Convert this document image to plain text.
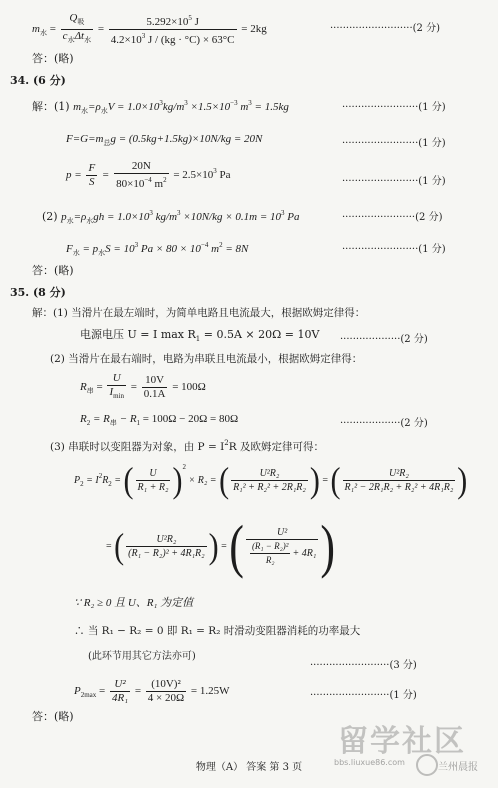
$m_水 = \frac{Q_吸}{c_水\Delta t_水} = \frac{5.292\times 10^5 J}{4.2\times 10^3 J / (kg \cdot ^\circ C) \times 63^\circ C} = 2kg$	··························(2 分)
答：(略)
34. (6 分)
解：(1) $m_水=\rho_水V = 1.0\times 10^3kg/m^3 \times 1.5\times 10^{-3}$ $m^3 = 1.5kg$	························(1 分)
$F=G=m_总g = (0.5kg+1.5kg)\times 10N/kg = 20N$	························(1 分)
$p = \frac{F}{S} = \frac{20N}{80\times 10^{-4} m^2} = 2.5\times 10^3$ Pa
························(1 分)
(2) $p_水=\rho_水gh = 1.0\times 10^3$ $kg/m^3 \times 10N/kg \times 0.1m = 10^3$ Pa	·······················(2 分)
$F_水 = p_水S = 10^3$ $Pa \times 80 \times 10^{-4}$ $m^2 = 8N$	························(1 分)
答：(略)
35. (8 分)
解：(1) 当滑片在最左端时，为简单电路且电流最大，根据欧姆定律得：
电源电压 U = I $\max R_1 = 0.5A \times 20\Omega = 10V \cdot\cdot\cdot\cdot\cdot\cdot\cdot\cdot\cdot\cdot\cdot\cdot\cdot\cdot\cdot\cdot\cdot\cdot\cdot(2$ 分)
(2) 当滑片在最右端时，电路为串联且电流最小，根据欧姆定律得：
$R_串 = \frac{U}{I_{min}} = \frac{10V}{0.1A} = 100\Omega$
$R_2 = R_串 - R_1 = 100\Omega - 20\Omega = 80\Omega$	···················(2 分)
(3) 串联时以变阻器为对象，由 $P = I^2R$ 及欧姆定律可得：
$P_2 = I^2R_2$ = ( $\frac{U}{\text{R₁ + R₂}} )^2 \times R_2$ = ( $\frac{\text{U²R₂}}{\text{R₁² + R₂² + 2R₁R₂}}$ ) = ( $\frac{\text{U²R₂}}{\text{R₁² − 2R₁R₂ + R₂² + 4R₁R₂}}$ )
= ( $\frac{\text{U²R₂}}{\text{(R₁ − R₂)² + 4R₁R₂}}$ ) = ( $\frac{\text{U²}}{\frac{\text{(R₁ − R₂)²}}{\text{R₂}} + 4R_1}$ )
∵ R₂ ≥ 0 且 U、R₁ 为定值
∴ 当 R₁ − R₂ = 0 即 R₁ = R₂ 时滑动变阻器消耗的功率最大
(此环节用其它方法亦可)
·························(3 分)
$P_{2max} = \frac{\text{U²}}{\text{4R₁}} = \frac{\text{(10V)²}}{4 \times 20\Omega} = 1.25W$	·························(1 分)
答：(略)
物理（A） 答案 第 3 页
留学社区
bbs.liuxue86.com	兰州晨报
